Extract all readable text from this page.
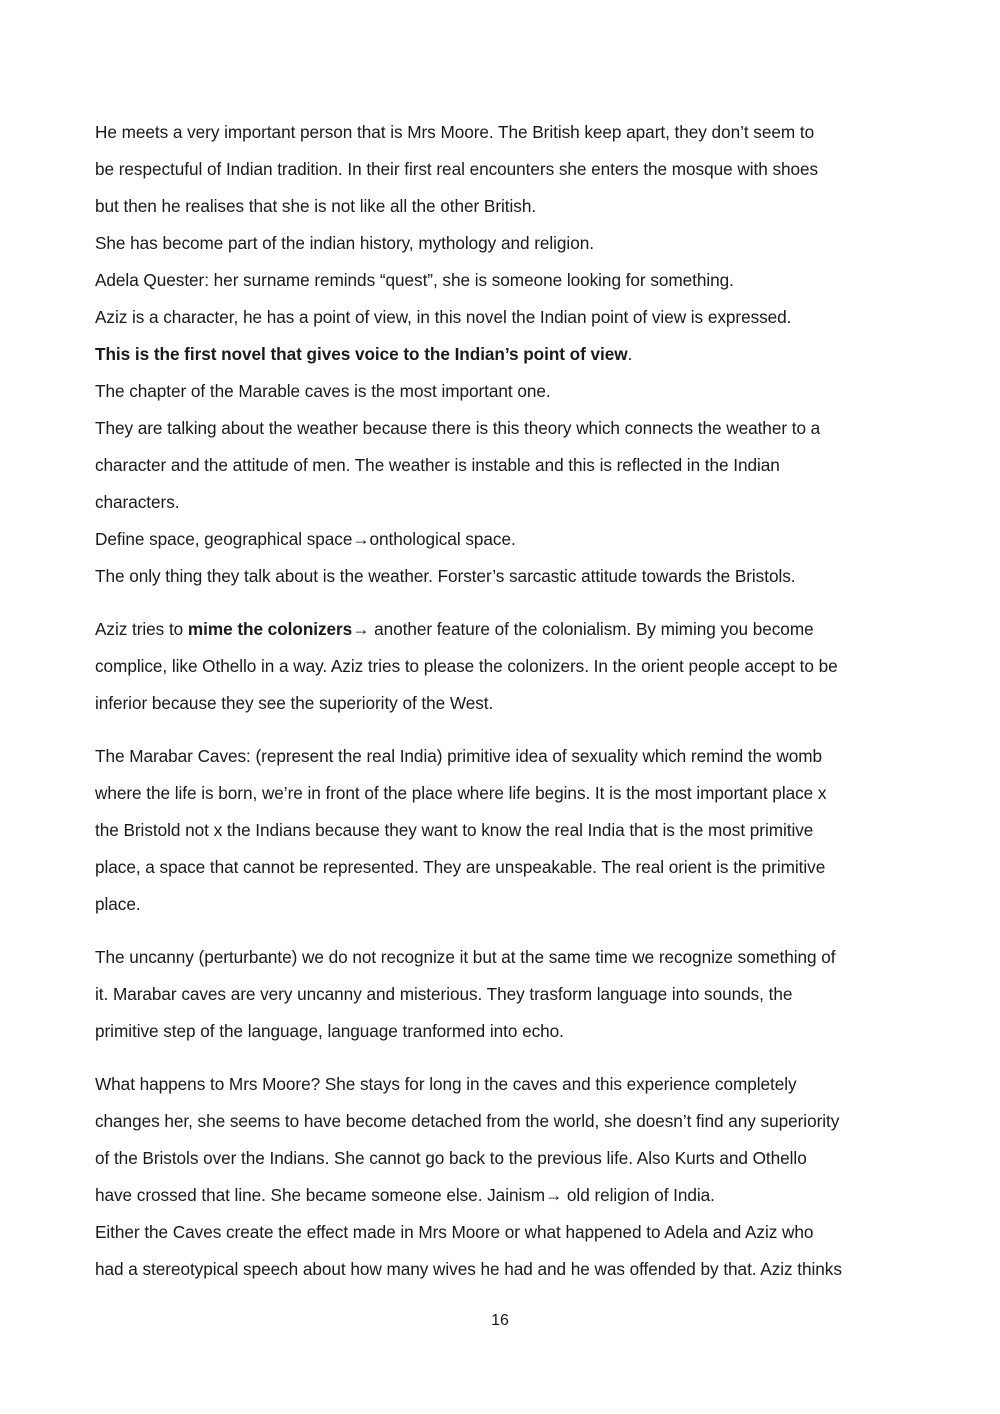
He meets a very important person that is Mrs Moore. The British keep apart, they don’t seem to

be respectuful of Indian tradition. In their first real encounters she enters the mosque with shoes

but then he realises that she is not like all the other British.

She has become part of the indian history, mythology and religion.

Adela Quester: her surname reminds “quest”, she is someone looking for something.

Aziz is a character, he has a point of view, in this novel the Indian point of view is expressed.

This is the first novel that gives voice to the Indian’s point of view.

The chapter of the Marable caves is the most important one.

They are talking about the weather because there is this theory which connects the weather to a

character and the attitude of men. The weather is instable and this is reflected in the Indian

characters.

Define space, geographical space→onthological space.

The only thing they talk about is the weather. Forster’s sarcastic attitude towards the Bristols.

Aziz tries to mime the colonizers→ another feature of the colonialism. By miming you become

complice, like Othello in a way. Aziz tries to please the colonizers. In the orient people accept to be

inferior because they see the superiority of the West.

The Marabar Caves: (represent the real India) primitive idea of sexuality which remind the womb

where the life is born, we’re in front of the place where life begins. It is the most important place x

the Bristold not x the Indians because they want to know the real India that is the most primitive

place, a space that cannot be represented. They are unspeakable. The real orient is the primitive

place.

The uncanny (perturbante) we do not recognize it but at the same time we recognize something of

it. Marabar caves are very uncanny and misterious. They trasform language into sounds, the

primitive step of the language, language tranformed into echo.

What happens to Mrs Moore? She stays for long in the caves and this experience completely

changes her, she seems to have become detached from the world, she doesn’t find any superiority

of the Bristols over the Indians. She cannot go back to the previous life. Also Kurts and Othello

have crossed that line. She became someone else. Jainism→ old religion of India.

Either the Caves create the effect made in Mrs Moore or what happened to Adela and Aziz who

had a stereotypical speech about how many wives he had and he was offended by that. Aziz thinks

16
